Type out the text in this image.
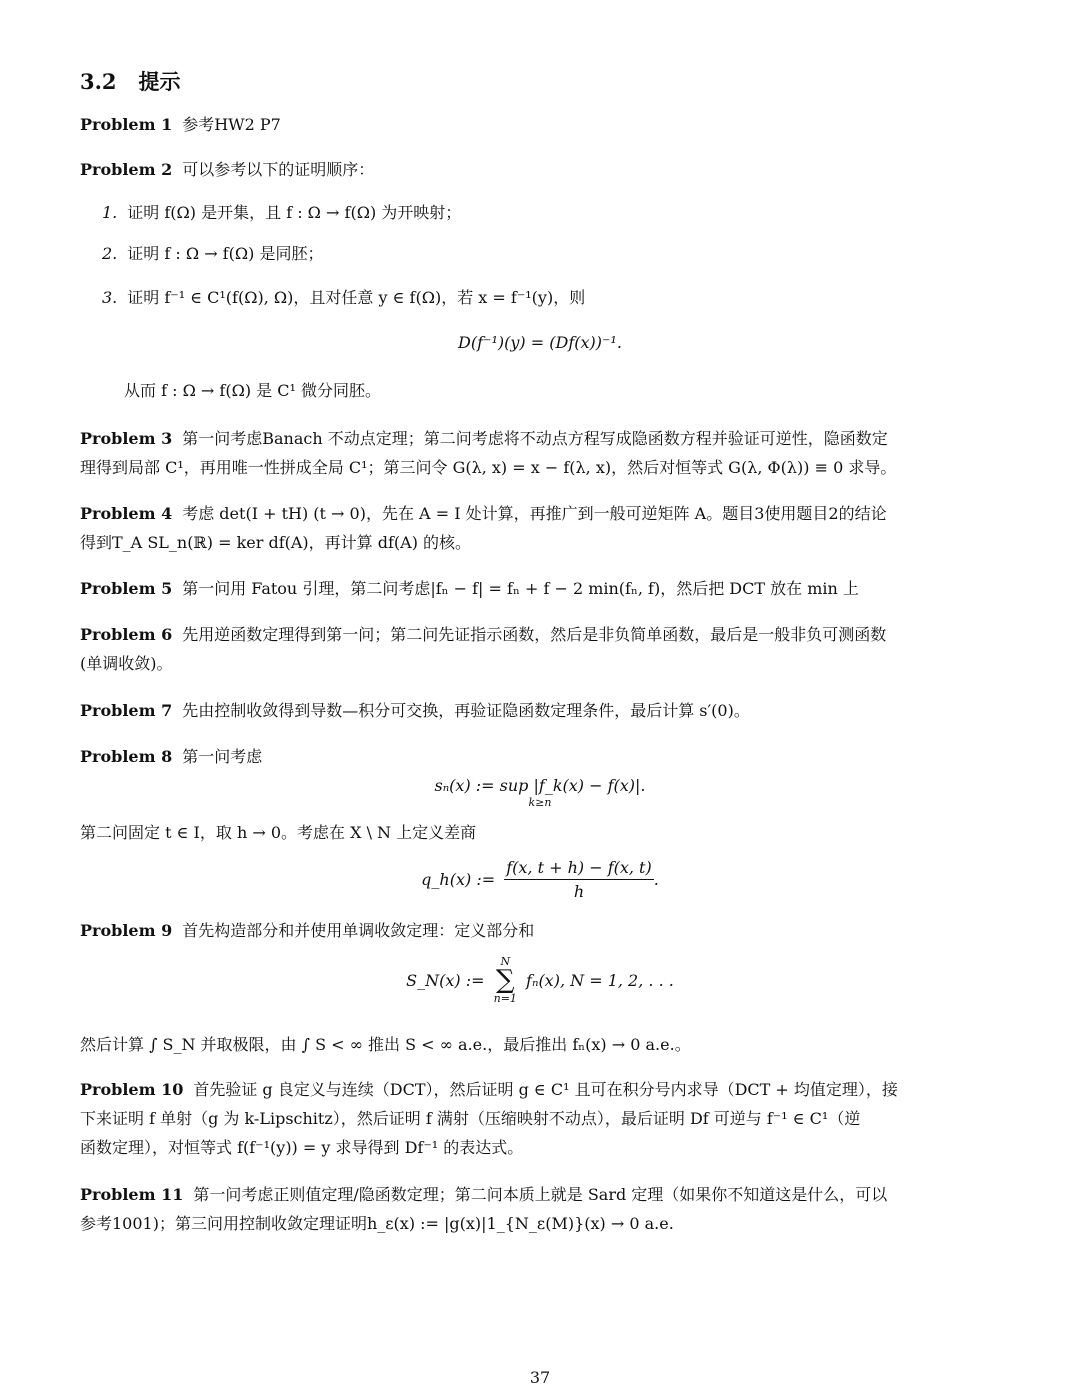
3.2 提示
Problem 1 参考HW2 P7
Problem 2 可以参考以下的证明顺序：
1. 证明 f(Ω) 是开集，且 f : Ω → f(Ω) 为开映射；
2. 证明 f : Ω → f(Ω) 是同胚；
3. 证明 f⁻¹ ∈ C¹(f(Ω), Ω)，且对任意 y ∈ f(Ω)，若 x = f⁻¹(y)，则
D(f⁻¹)(y) = (Df(x))⁻¹.
从而 f : Ω → f(Ω) 是 C¹ 微分同胚。
Problem 3 第一问考虑Banach 不动点定理；第二问考虑将不动点方程写成隐函数方程并验证可逆性，隐函数定
理得到局部 C¹，再用唯一性拼成全局 C¹；第三问令 G(λ, x) = x − f(λ, x)，然后对恒等式 G(λ, Φ(λ)) ≡ 0 求导。
Problem 4 考虑 det(I + tH) (t → 0)，先在 A = I 处计算，再推广到一般可逆矩阵 A。题目3使用题目2的结论
得到T_A SL_n(ℝ) = ker df(A)，再计算 df(A) 的核。
Problem 5 第一问用 Fatou 引理，第二问考虑|fₙ − f| = fₙ + f − 2 min(fₙ, f)，然后把 DCT 放在 min 上
Problem 6 先用逆函数定理得到第一问；第二问先证指示函数，然后是非负简单函数，最后是一般非负可测函数
(单调收敛)。
Problem 7 先由控制收敛得到导数—积分可交换，再验证隐函数定理条件，最后计算 s′(0)。
Problem 8 第一问考虑
sₙ(x) := sup |f_k(x) − f(x)|.
k≥n
第二问固定 t ∈ I，取 h → 0。考虑在 X \ N 上定义差商
q_h(x) := $\frac{f(x, t + h) - f(x, t)}{h}$ .
Problem 9 首先构造部分和并使用单调收敛定理：定义部分和
S_N(x) :=
N
∑
n=1
fₙ(x), N = 1, 2, . . .
然后计算 ∫ S_N 并取极限，由 ∫ S < ∞ 推出 S < ∞ a.e.，最后推出 fₙ(x) → 0 a.e.。
Problem 10 首先验证 g 良定义与连续（DCT），然后证明 g ∈ C¹ 且可在积分号内求导（DCT + 均值定理），接
下来证明 f 单射（g 为 k-Lipschitz），然后证明 f 满射（压缩映射不动点），最后证明 Df 可逆与 f⁻¹ ∈ C¹（逆
函数定理），对恒等式 f(f⁻¹(y)) = y 求导得到 Df⁻¹ 的表达式。
Problem 11 第一问考虑正则值定理/隐函数定理；第二问本质上就是 Sard 定理（如果你不知道这是什么，可以
参考1001)；第三问用控制收敛定理证明h_ε(x) := |g(x)|1_{N_ε(M)}(x) → 0 a.e.
37
